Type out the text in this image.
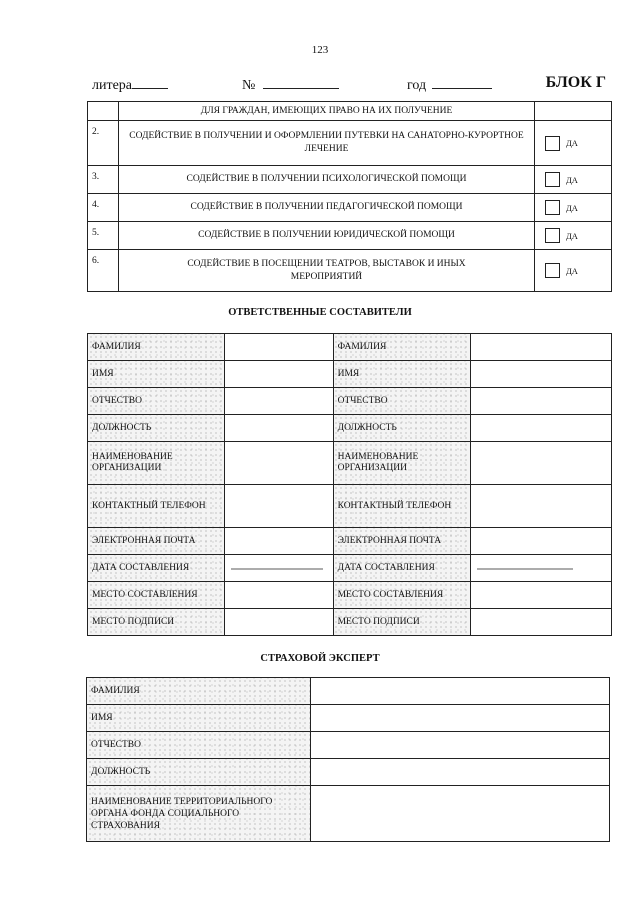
123
литера	№	год	БЛОК Г
	ДЛЯ ГРАЖДАН, ИМЕЮЩИХ ПРАВО НА ИХ ПОЛУЧЕНИЕ	
2.	СОДЕЙСТВИЕ В ПОЛУЧЕНИИ И ОФОРМЛЕНИИ ПУТЕВКИ НА САНАТОРНО-КУРОРТНОЕ ЛЕЧЕНИЕ	ДА
3.	СОДЕЙСТВИЕ В ПОЛУЧЕНИИ ПСИХОЛОГИЧЕСКОЙ ПОМОЩИ	ДА
4.	СОДЕЙСТВИЕ В ПОЛУЧЕНИИ ПЕДАГОГИЧЕСКОЙ ПОМОЩИ	ДА
5.	СОДЕЙСТВИЕ В ПОЛУЧЕНИИ ЮРИДИЧЕСКОЙ ПОМОЩИ	ДА
6.	СОДЕЙСТВИЕ В ПОСЕЩЕНИИ ТЕАТРОВ, ВЫСТАВОК И ИНЫХ МЕРОПРИЯТИЙ	ДА
ОТВЕТСТВЕННЫЕ СОСТАВИТЕЛИ
ФАМИЛИЯ		ФАМИЛИЯ	
ИМЯ		ИМЯ	
ОТЧЕСТВО		ОТЧЕСТВО	
ДОЛЖНОСТЬ		ДОЛЖНОСТЬ	
НАИМЕНОВАНИЕ ОРГАНИЗАЦИИ		НАИМЕНОВАНИЕ ОРГАНИЗАЦИИ	
КОНТАКТНЫЙ ТЕЛЕФОН		КОНТАКТНЫЙ ТЕЛЕФОН	
ЭЛЕКТРОННАЯ ПОЧТА		ЭЛЕКТРОННАЯ ПОЧТА	
ДАТА СОСТАВЛЕНИЯ		ДАТА СОСТАВЛЕНИЯ	
МЕСТО СОСТАВЛЕНИЯ		МЕСТО СОСТАВЛЕНИЯ	
МЕСТО ПОДПИСИ		МЕСТО ПОДПИСИ	
СТРАХОВОЙ ЭКСПЕРТ
ФАМИЛИЯ	
ИМЯ	
ОТЧЕСТВО	
ДОЛЖНОСТЬ	
НАИМЕНОВАНИЕ ТЕРРИТОРИАЛЬНОГО ОРГАНА ФОНДА СОЦИАЛЬНОГО СТРАХОВАНИЯ	
